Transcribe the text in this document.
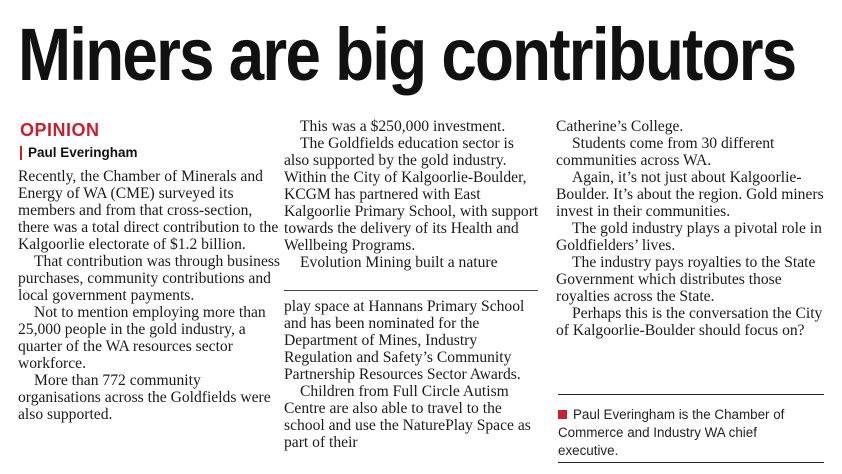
Miners are big contributors
OPINION
Paul Everingham

Recently, the Chamber of Minerals and Energy of WA (CME) surveyed its members and from that cross-section, there was a total direct contribution to the Kalgoorlie electorate of $1.2 billion.

That contribution was through business purchases, community contributions and local government payments.

Not to mention employing more than 25,000 people in the gold industry, a quarter of the WA resources sector workforce.

More than 772 community organisations across the Goldfields were also supported.

This was a $250,000 investment.

The Goldfields education sector is also supported by the gold industry. Within the City of Kalgoorlie-Boulder, KCGM has partnered with East Kalgoorlie Primary School, with support towards the delivery of its Health and Wellbeing Programs.

Evolution Mining built a nature

play space at Hannans Primary School and has been nominated for the Department of Mines, Industry Regulation and Safety’s Community Partnership Resources Sector Awards.

Children from Full Circle Autism Centre are also able to travel to the school and use the NaturePlay Space as part of their

Catherine’s College.

Students come from 30 different communities across WA.

Again, it’s not just about Kalgoorlie-Boulder. It’s about the region. Gold miners invest in their communities.

The gold industry plays a pivotal role in Goldfielders’ lives.

The industry pays royalties to the State Government which distributes those royalties across the State.

Perhaps this is the conversation the City of Kalgoorlie-Boulder should focus on?

Paul Everingham is the Chamber of Commerce and Industry WA chief executive.
